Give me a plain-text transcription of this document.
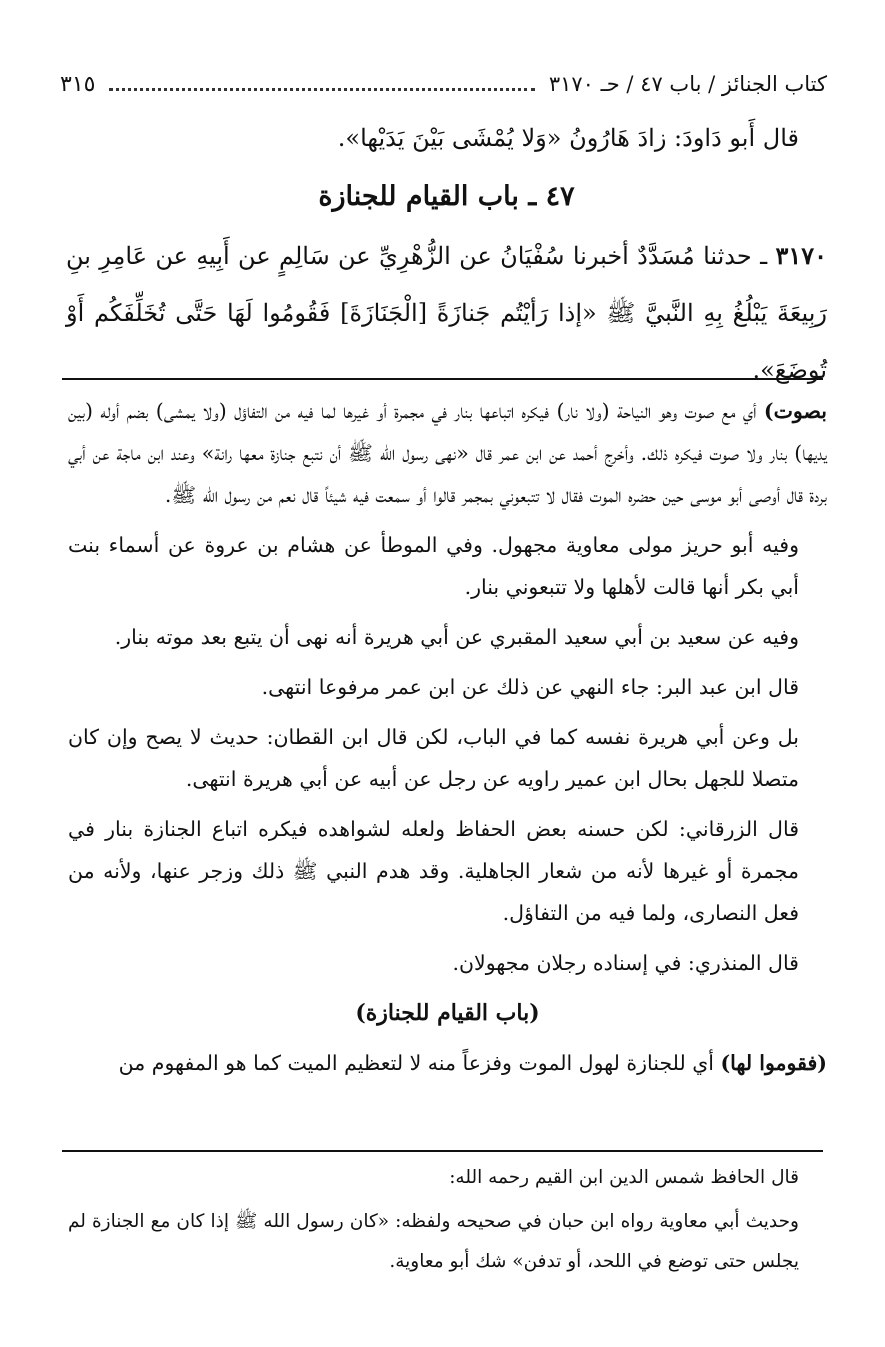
كتاب الجنائز / باب ٤٧ / حـ ٣١٧٠
٣١٥

قال أَبو دَاودَ: زادَ هَارُونُ «وَلا يُمْشَى بَيْنَ يَدَيْها».

٤٧ ـ باب القيام للجنازة

٣١٧٠ ـ حدثنا مُسَدَّدٌ أخبرنا سُفْيَانُ عن الزُّهْرِيِّ عن سَالِمٍ عن أَبِيهِ عن عَامِرِ بنِ رَبِيعَةَ يَبْلُغُ بِهِ النَّبيَّ ﷺ «إذا رَأيْتُم جَنازَةً [الْجَنَازَةَ] فَقُومُوا لَهَا حَتَّى تُخَلِّفَكُم أَوْ تُوضَعَ».

بصوت) أي مع صوت وهو النياحة (ولا نار) فيكره اتباعها بنار في مجمرة أو غيرها لما فيه من التفاؤل (ولا يمشى) بضم أوله (بين يديها) بنار ولا صوت فيكره ذلك. وأخرج أحمد عن ابن عمر قال «نهى رسول الله ﷺ أن نتبع جنازة معها رانة» وعند ابن ماجة عن أبي بردة قال أوصى أبو موسى حين حضره الموت فقال لا تتبعوني بمجمر قالوا أو سمعت فيه شيئاً قال نعم من رسول الله ﷺ.

وفيه أبو حريز مولى معاوية مجهول. وفي الموطأ عن هشام بن عروة عن أسماء بنت أبي بكر أنها قالت لأهلها ولا تتبعوني بنار.

وفيه عن سعيد بن أبي سعيد المقبري عن أبي هريرة أنه نهى أن يتبع بعد موته بنار.

قال ابن عبد البر: جاء النهي عن ذلك عن ابن عمر مرفوعا انتهى.

بل وعن أبي هريرة نفسه كما في الباب، لكن قال ابن القطان: حديث لا يصح وإن كان متصلا للجهل بحال ابن عمير راويه عن رجل عن أبيه عن أبي هريرة انتهى.

قال الزرقاني: لكن حسنه بعض الحفاظ ولعله لشواهده فيكره اتباع الجنازة بنار في مجمرة أو غيرها لأنه من شعار الجاهلية. وقد هدم النبي ﷺ ذلك وزجر عنها، ولأنه من فعل النصارى، ولما فيه من التفاؤل.

قال المنذري: في إسناده رجلان مجهولان.

(باب القيام للجنازة)

(فقوموا لها) أي للجنازة لهول الموت وفزعاً منه لا لتعظيم الميت كما هو المفهوم من

قال الحافظ شمس الدين ابن القيم رحمه الله:

وحديث أبي معاوية رواه ابن حبان في صحيحه ولفظه: «كان رسول الله ﷺ إذا كان مع الجنازة لم يجلس حتى توضع في اللحد، أو تدفن» شك أبو معاوية.
